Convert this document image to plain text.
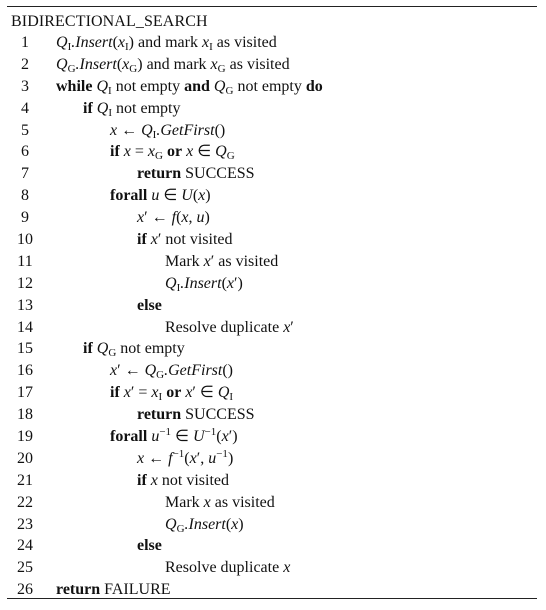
BIDIRECTIONAL_SEARCH
1	$Q_I.Insert(x_I)$ and mark $x_I$ as visited
2	$Q_G.Insert(x_G)$ and mark $x_G$ as visited
3	while $Q_I$ not empty and $Q_G$ not empty do
4	if $Q_I$ not empty
5	x ← $Q_I.GetFirst()$
6	if $x = x_G$ or x ∈ $Q_G$
7	return SUCCESS
8	forall u ∈ U(x)
9	x′ ← f(x, u)
10	if x′ not visited
11	Mark x′ as visited
12	$Q_I.Insert(x')$
13	else
14	Resolve duplicate x′
15	if $Q_G$ not empty
16	x′ ← $Q_G.GetFirst()$
17	if $x' = x_I$ or x′ ∈ $Q_I$
18	return SUCCESS
19	forall $u^{-1}$ ∈ $U^{-1}(x')$
20	x ← $f^{-1}(x'$, $u^{-1}$)
21	if x not visited
22	Mark x as visited
23	$Q_G.Insert(x)$
24	else
25	Resolve duplicate x
26	return FAILURE
